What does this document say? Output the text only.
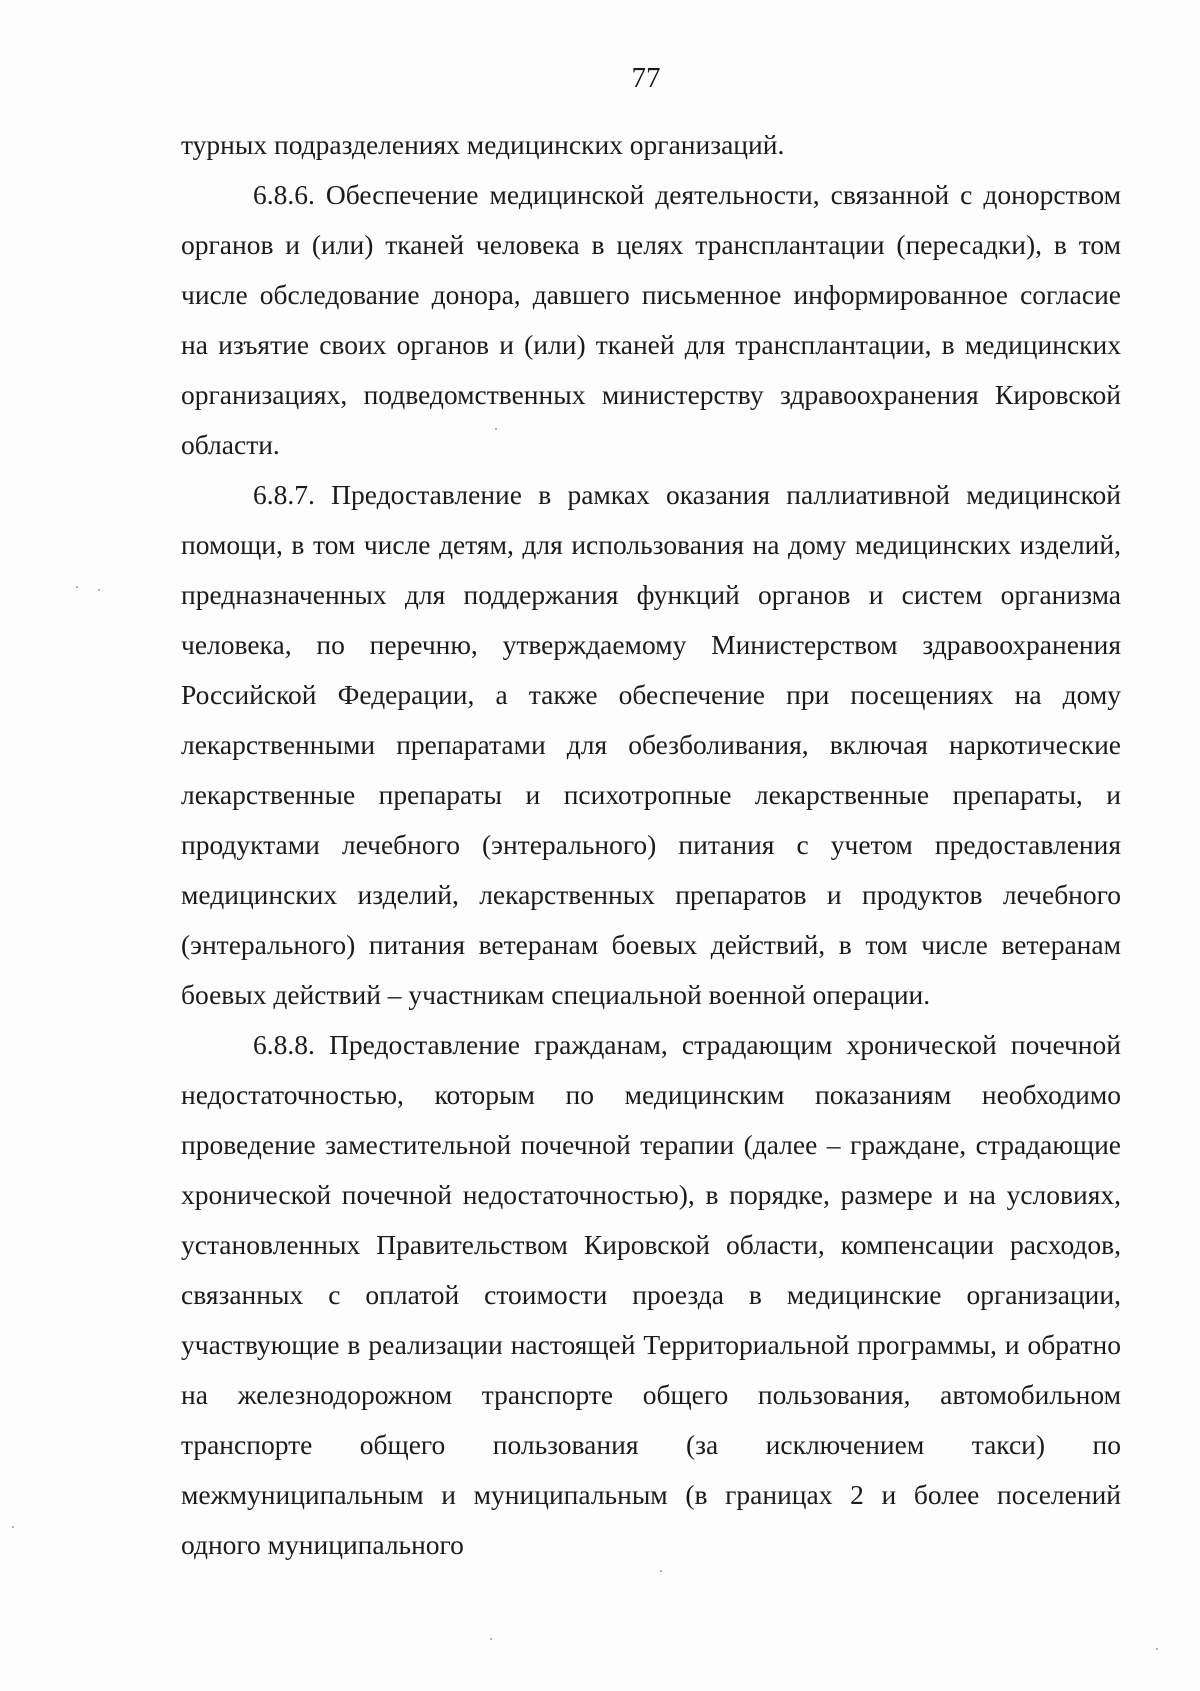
77

турных подразделениях медицинских организаций.

6.8.6. Обеспечение медицинской деятельности, связанной с донорством органов и (или) тканей человека в целях трансплантации (пересадки), в том числе обследование донора, давшего письменное информированное согласие на изъятие своих органов и (или) тканей для трансплантации, в медицинских организациях, подведомственных министерству здравоохранения Кировской области.

6.8.7. Предоставление в рамках оказания паллиативной медицинской помощи, в том числе детям, для использования на дому медицинских изделий, предназначенных для поддержания функций органов и систем организма человека, по перечню, утверждаемому Министерством здравоохранения Российской Федерации, а также обеспечение при посещениях на дому лекарственными препаратами для обезболивания, включая наркотические лекарственные препараты и психотропные лекарственные препараты, и продуктами лечебного (энтерального) питания с учетом предоставления медицинских изделий, лекарственных препаратов и продуктов лечебного (энтерального) питания ветеранам боевых действий, в том числе ветеранам боевых действий – участникам специальной военной операции.

6.8.8. Предоставление гражданам, страдающим хронической почечной недостаточностью, которым по медицинским показаниям необходимо проведение заместительной почечной терапии (далее – граждане, страдающие хронической почечной недостаточностью), в порядке, размере и на условиях, установленных Правительством Кировской области, компенсации расходов, связанных с оплатой стоимости проезда в медицинские организации, участвующие в реализации настоящей Территориальной программы, и обратно на железнодорожном транспорте общего пользования, автомобильном транспорте общего пользования (за исключением такси) по межмуниципальным и муниципальным (в границах 2 и более поселений одного муниципального
